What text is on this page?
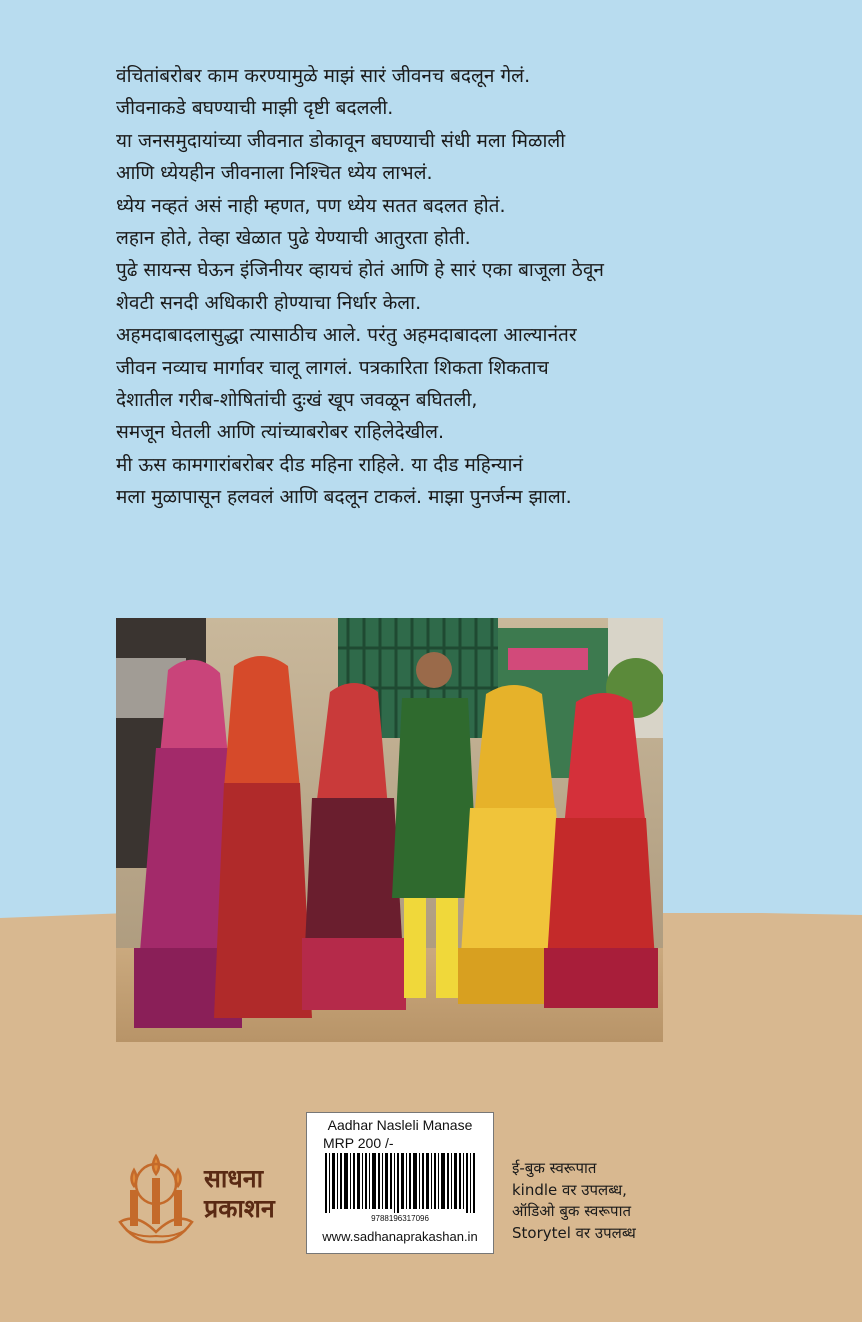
वंचितांबरोबर काम करण्यामुळे माझं सारं जीवनच बदलून गेलं.
जीवनाकडे बघण्याची माझी दृष्टी बदलली.
या जनसमुदायांच्या जीवनात डोकावून बघण्याची संधी मला मिळाली
आणि ध्येयहीन जीवनाला निश्चित ध्येय लाभलं.
ध्येय नव्हतं असं नाही म्हणत, पण ध्येय सतत बदलत होतं.
लहान होते, तेव्हा खेळात पुढे येण्याची आतुरता होती.
पुढे सायन्स घेऊन इंजिनीयर व्हायचं होतं आणि हे सारं एका बाजूला ठेवून
शेवटी सनदी अधिकारी होण्याचा निर्धार केला.
अहमदाबादलासुद्धा त्यासाठीच आले. परंतु अहमदाबादला आल्यानंतर
जीवन नव्याच मार्गावर चालू लागलं. पत्रकारिता शिकता शिकताच
देशातील गरीब-शोषितांची दुःखं खूप जवळून बघितली,
समजून घेतली आणि त्यांच्याबरोबर राहिलेदेखील.
मी ऊस कामगारांबरोबर दीड महिना राहिले. या दीड महिन्यानं
मला मुळापासून हलवलं आणि बदलून टाकलं. माझा पुनर्जन्म झाला.
Aadhar Nasleli Manase
MRP 200 /-
9788196317096
www.sadhanaprakashan.in
साधना
प्रकाशन
ई-बुक स्वरूपात
kindle वर उपलब्ध,
ऑडिओ बुक स्वरूपात
Storytel वर उपलब्ध
